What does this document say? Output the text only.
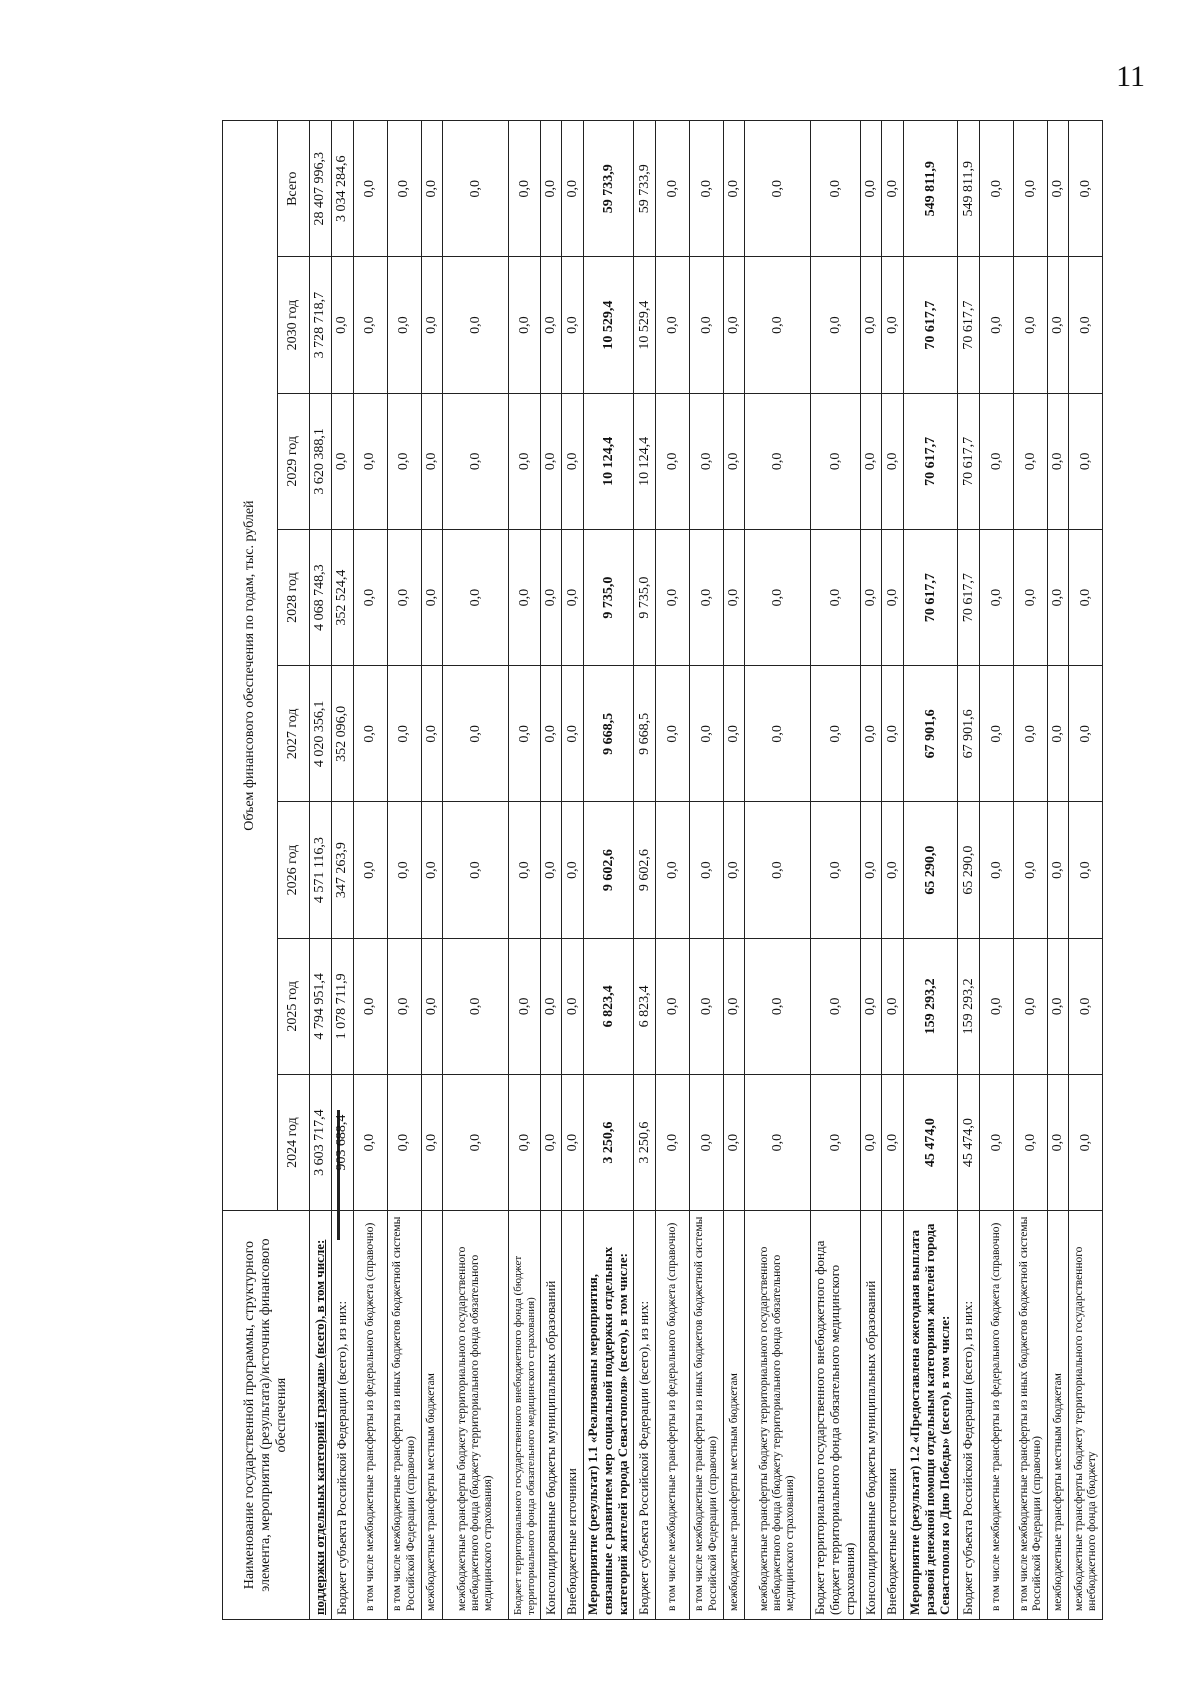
11
Наименование государственной программы, структурного элемента, мероприятия (результата)/источник финансового обеспечения	Объем финансового обеспечения по годам, тыс. рублей							
	2024 год	2025 год	2026 год	2027 год	2028 год	2029 год	2030 год	Всего
поддержки отдельных категорий граждан» (всего), в том числе:	3 603 717,4	4 794 951,4	4 571 116,3	4 020 356,1	4 068 748,3	3 620 388,1	3 728 718,7	28 407 996,3
Бюджет субъекта Российской Федерации (всего), из них:	903 688,4	1 078 711,9	347 263,9	352 096,0	352 524,4	0,0	0,0	3 034 284,6
в том числе межбюджетные трансферты из федерального бюджета (справочно)	0,0	0,0	0,0	0,0	0,0	0,0	0,0	0,0
в том числе межбюджетные трансферты из иных бюджетов бюджетной системы Российской Федерации (справочно)	0,0	0,0	0,0	0,0	0,0	0,0	0,0	0,0
межбюджетные трансферты местным бюджетам	0,0	0,0	0,0	0,0	0,0	0,0	0,0	0,0
межбюджетные трансферты бюджету территориального государственного внебюджетного фонда (бюджету территориального фонда обязательного медицинского страхования)	0,0	0,0	0,0	0,0	0,0	0,0	0,0	0,0
Бюджет территориального государственного внебюджетного фонда (бюджет территориального фонда обязательного медицинского страхования)	0,0	0,0	0,0	0,0	0,0	0,0	0,0	0,0
Консолидированные бюджеты муниципальных образований	0,0	0,0	0,0	0,0	0,0	0,0	0,0	0,0
Внебюджетные источники	0,0	0,0	0,0	0,0	0,0	0,0	0,0	0,0
Мероприятие (результат) 1.1 «Реализованы мероприятия, связанные с развитием мер социальной поддержки отдельных категорий жителей города Севастополя» (всего), в том числе:	3 250,6	6 823,4	9 602,6	9 668,5	9 735,0	10 124,4	10 529,4	59 733,9
Бюджет субъекта Российской Федерации (всего), из них:	3 250,6	6 823,4	9 602,6	9 668,5	9 735,0	10 124,4	10 529,4	59 733,9
в том числе межбюджетные трансферты из федерального бюджета (справочно)	0,0	0,0	0,0	0,0	0,0	0,0	0,0	0,0
в том числе межбюджетные трансферты из иных бюджетов бюджетной системы Российской Федерации (справочно)	0,0	0,0	0,0	0,0	0,0	0,0	0,0	0,0
межбюджетные трансферты местным бюджетам	0,0	0,0	0,0	0,0	0,0	0,0	0,0	0,0
межбюджетные трансферты бюджету территориального государственного внебюджетного фонда (бюджету территориального фонда обязательного медицинского страхования)	0,0	0,0	0,0	0,0	0,0	0,0	0,0	0,0
Бюджет территориального государственного внебюджетного фонда (бюджет территориального фонда обязательного медицинского страхования)	0,0	0,0	0,0	0,0	0,0	0,0	0,0	0,0
Консолидированные бюджеты муниципальных образований	0,0	0,0	0,0	0,0	0,0	0,0	0,0	0,0
Внебюджетные источники	0,0	0,0	0,0	0,0	0,0	0,0	0,0	0,0
Мероприятие (результат) 1.2 «Предоставлена ежегодная выплата разовой денежной помощи отдельным категориям жителей города Севастополя ко Дню Победы» (всего), в том числе:	45 474,0	159 293,2	65 290,0	67 901,6	70 617,7	70 617,7	70 617,7	549 811,9
Бюджет субъекта Российской Федерации (всего), из них:	45 474,0	159 293,2	65 290,0	67 901,6	70 617,7	70 617,7	70 617,7	549 811,9
в том числе межбюджетные трансферты из федерального бюджета (справочно)	0,0	0,0	0,0	0,0	0,0	0,0	0,0	0,0
в том числе межбюджетные трансферты из иных бюджетов бюджетной системы Российской Федерации (справочно)	0,0	0,0	0,0	0,0	0,0	0,0	0,0	0,0
межбюджетные трансферты местным бюджетам	0,0	0,0	0,0	0,0	0,0	0,0	0,0	0,0
межбюджетные трансферты бюджету территориального государственного внебюджетного фонда (бюджету	0,0	0,0	0,0	0,0	0,0	0,0	0,0	0,0
